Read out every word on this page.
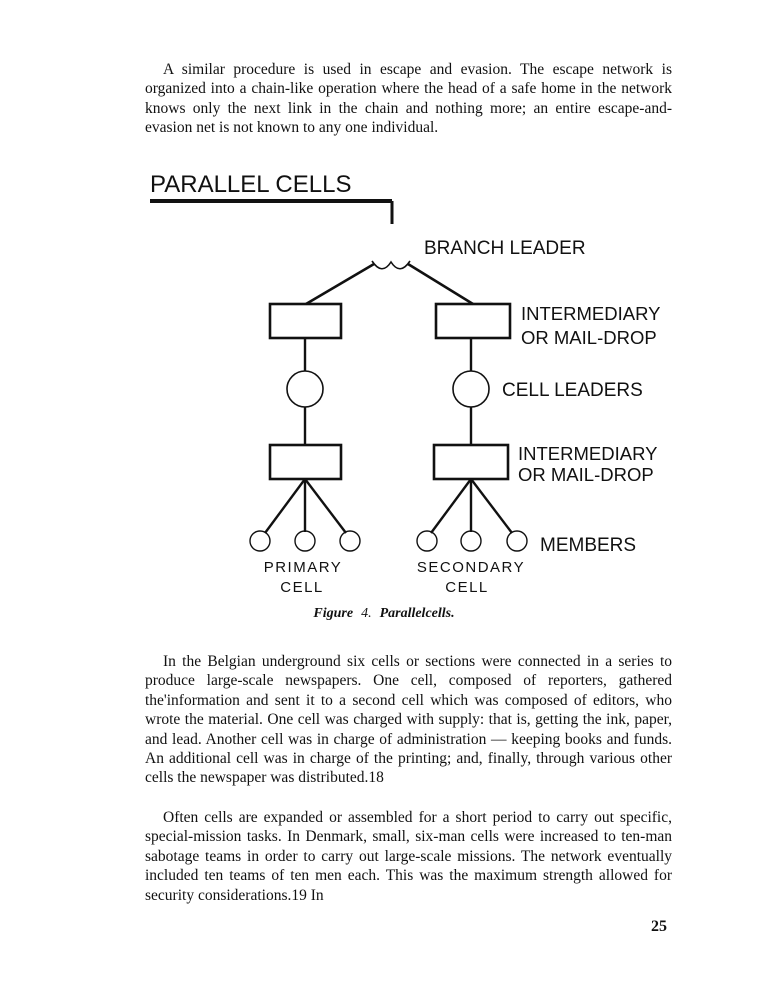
A similar procedure is used in escape and evasion. The escape network is organized into a chain-like operation where the head of a safe home in the network knows only the next link in the chain and nothing more; an entire escape-and-evasion net is not known to any one individual.

PARALLEL CELLS
BRANCH LEADER
INTERMEDIARY
OR MAIL-DROP
CELL LEADERS
INTERMEDIARY
OR MAIL-DROP
MEMBERS
PRIMARY
CELL
SECONDARY
CELL
Figure 4. Parallelcells.

In the Belgian underground six cells or sections were connected in a series to produce large-scale newspapers. One cell, composed of reporters, gathered the'information and sent it to a second cell which was composed of editors, who wrote the material. One cell was charged with supply: that is, getting the ink, paper, and lead. Another cell was in charge of administration — keeping books and funds. An additional cell was in charge of the printing; and, finally, through various other cells the newspaper was distributed.18

Often cells are expanded or assembled for a short period to carry out specific, special-mission tasks. In Denmark, small, six-man cells were increased to ten-man sabotage teams in order to carry out large-scale missions. The network eventually included ten teams of ten men each. This was the maximum strength allowed for security considerations.19 In

25
